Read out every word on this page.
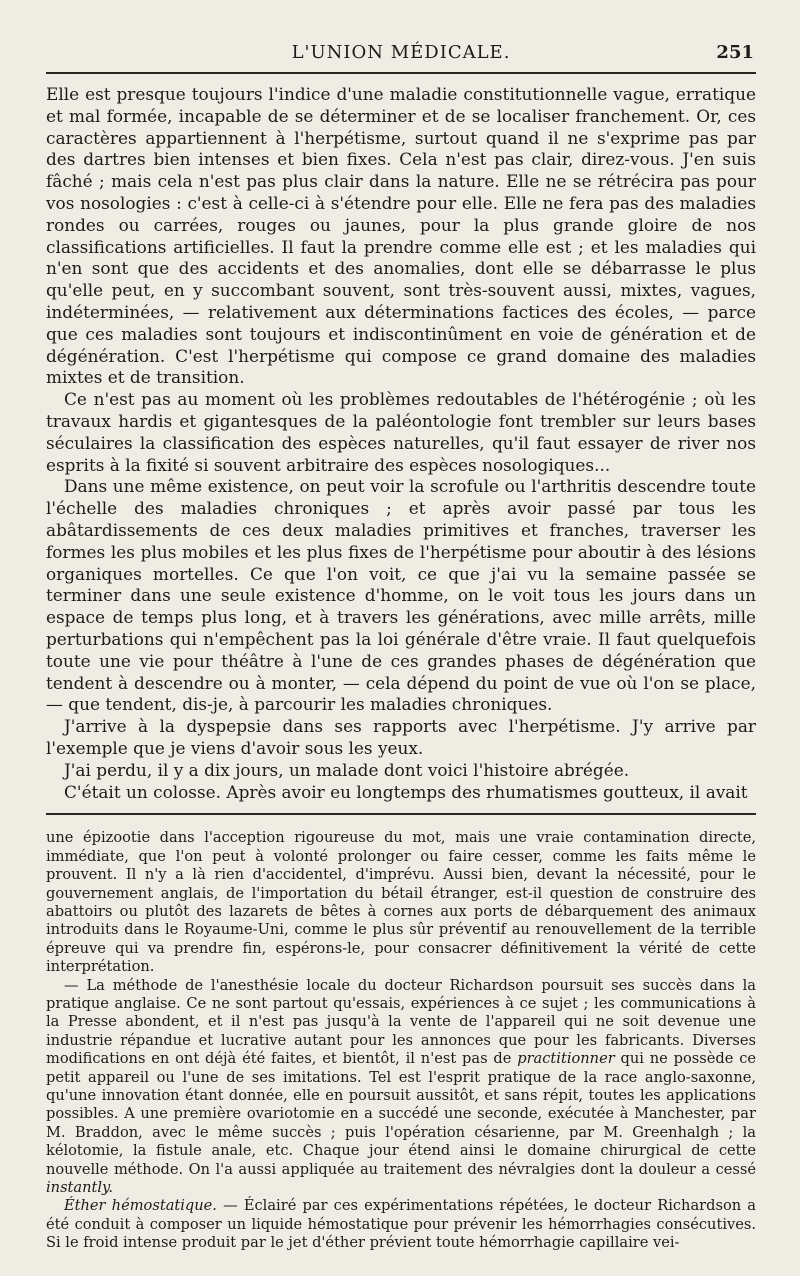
L'UNION MÉDICALE.	251

Elle est presque toujours l'indice d'une maladie constitutionnelle vague, erratique et mal formée, incapable de se déterminer et de se localiser franchement. Or, ces caractères appartiennent à l'herpétisme, surtout quand il ne s'exprime pas par des dartres bien intenses et bien fixes. Cela n'est pas clair, direz-vous. J'en suis fâché ; mais cela n'est pas plus clair dans la nature. Elle ne se rétrécira pas pour vos nosologies : c'est à celle-ci à s'étendre pour elle. Elle ne fera pas des maladies rondes ou carrées, rouges ou jaunes, pour la plus grande gloire de nos classifications artificielles. Il faut la prendre comme elle est ; et les maladies qui n'en sont que des accidents et des anomalies, dont elle se débarrasse le plus qu'elle peut, en y succombant souvent, sont très-souvent aussi, mixtes, vagues, indéterminées, — relativement aux déterminations factices des écoles, — parce que ces maladies sont toujours et indiscontinûment en voie de génération et de dégénération. C'est l'herpétisme qui compose ce grand domaine des maladies mixtes et de transition.

Ce n'est pas au moment où les problèmes redoutables de l'hétérogénie ; où les travaux hardis et gigantesques de la paléontologie font trembler sur leurs bases séculaires la classification des espèces naturelles, qu'il faut essayer de river nos esprits à la fixité si souvent arbitraire des espèces nosologiques...

Dans une même existence, on peut voir la scrofule ou l'arthritis descendre toute l'échelle des maladies chroniques ; et après avoir passé par tous les abâtardissements de ces deux maladies primitives et franches, traverser les formes les plus mobiles et les plus fixes de l'herpétisme pour aboutir à des lésions organiques mortelles. Ce que l'on voit, ce que j'ai vu la semaine passée se terminer dans une seule existence d'homme, on le voit tous les jours dans un espace de temps plus long, et à travers les générations, avec mille arrêts, mille perturbations qui n'empêchent pas la loi générale d'être vraie. Il faut quelquefois toute une vie pour théâtre à l'une de ces grandes phases de dégénération que tendent à descendre ou à monter, — cela dépend du point de vue où l'on se place, — que tendent, dis-je, à parcourir les maladies chroniques.

J'arrive à la dyspepsie dans ses rapports avec l'herpétisme. J'y arrive par l'exemple que je viens d'avoir sous les yeux.

J'ai perdu, il y a dix jours, un malade dont voici l'histoire abrégée.

C'était un colosse. Après avoir eu longtemps des rhumatismes goutteux, il avait

une épizootie dans l'acception rigoureuse du mot, mais une vraie contamination directe, immédiate, que l'on peut à volonté prolonger ou faire cesser, comme les faits même le prouvent. Il n'y a là rien d'accidentel, d'imprévu. Aussi bien, devant la nécessité, pour le gouvernement anglais, de l'importation du bétail étranger, est-il question de construire des abattoirs ou plutôt des lazarets de bêtes à cornes aux ports de débarquement des animaux introduits dans le Royaume-Uni, comme le plus sûr préventif au renouvellement de la terrible épreuve qui va prendre fin, espérons-le, pour consacrer définitivement la vérité de cette interprétation.

— La méthode de l'anesthésie locale du docteur Richardson poursuit ses succès dans la pratique anglaise. Ce ne sont partout qu'essais, expériences à ce sujet ; les communications à la Presse abondent, et il n'est pas jusqu'à la vente de l'appareil qui ne soit devenue une industrie répandue et lucrative autant pour les annonces que pour les fabricants. Diverses modifications en ont déjà été faites, et bientôt, il n'est pas de practitionner qui ne possède ce petit appareil ou l'une de ses imitations. Tel est l'esprit pratique de la race anglo-saxonne, qu'une innovation étant donnée, elle en poursuit aussitôt, et sans répit, toutes les applications possibles. A une première ovariotomie en a succédé une seconde, exécutée à Manchester, par M. Braddon, avec le même succès ; puis l'opération césarienne, par M. Greenhalgh ; la kélotomie, la fistule anale, etc. Chaque jour étend ainsi le domaine chirurgical de cette nouvelle méthode. On l'a aussi appliquée au traitement des névralgies dont la douleur a cessé instantly.

Éther hémostatique. — Éclairé par ces expérimentations répétées, le docteur Richardson a été conduit à composer un liquide hémostatique pour prévenir les hémorrhagies consécutives. Si le froid intense produit par le jet d'éther prévient toute hémorrhagie capillaire vei-
